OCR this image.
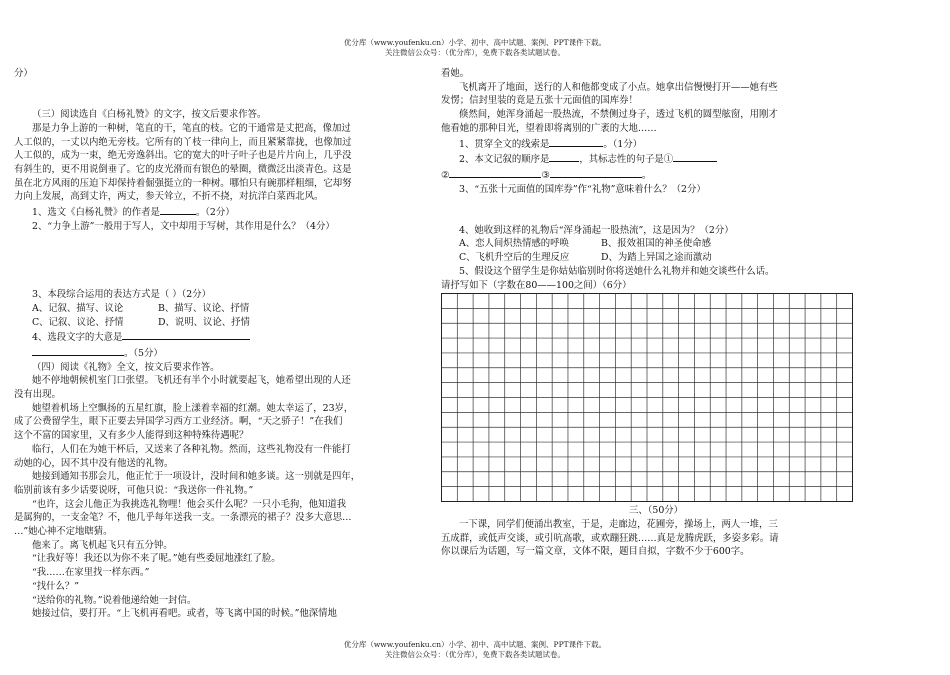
优分库（www.youfenku.cn）小学、初中、高中试题、案例、PPT课件下载。
关注微信公众号：（优分库），免费下载各类试题试卷。

分）

（三）阅读选自《白杨礼赞》的文字，按文后要求作答。

那是力争上游的一种树，笔直的干，笔直的枝。它的干通常是丈把高，像加过

人工似的，一丈以内绝无旁枝。它所有的丫枝一律向上，而且紧紧靠拢，也像加过

人工似的，成为一束，绝无旁逸斜出。它的宽大的叶子叶子也是片片向上，几乎没

有斜生的，更不用说倒垂了。它的皮光滑而有银色的晕圈，微微泛出淡青色。这是

虽在北方风雨的压迫下却保持着倔强挺立的一种树。哪怕只有碗那样粗细，它却努

力向上发展，高到丈许，两丈，参天耸立，不折不挠，对抗洋白菜西北风。

1、选文《白杨礼赞》的作者是	。（2分）

2、“力争上游”一般用于写人，文中却用于写树，其作用是什么？（4分）

3、本段综合运用的表达方式是（ ）（2分）

A、记叙、描写、议论	B、描写、议论、抒情

C、记叙、议论、抒情	D、说明、议论、抒情

4、选段文字的大意是

。（5分）

（四）阅读《礼物》全文，按文后要求作答。

她不停地朝候机室门口张望。飞机还有半个小时就要起飞，她希望出现的人还

没有出现。

她望着机场上空飘扬的五星红旗，脸上漾着幸福的红潮。她太幸运了，23岁，

成了公费留学生，眼下正要去异国学习西方工业经济。啊，“天之骄子！”在我们

这个不富的国家里，又有多少人能得到这种特殊待遇呢？

临行，人们在为她干杯后，又送来了各种礼物。然而，这些礼物没有一件能打

动她的心，因不其中没有他送的礼物。

她接到通知书那会儿，他正忙于一项设计，没时间和她多谈。这一别就是四年，

临别前该有多少话要说呀，可他只说：“我送你一件礼物。”

“也许，这会儿他正为我挑选礼物哩！他会买什么呢？一只小毛狗，他知道我

是属狗的，一支金笔？不，他几乎每年送我一支。一条漂亮的裙子？没多大意思…

…”她心神不定地瞎猜。

他来了。离飞机起飞只有五分钟。

“让我好等！我还以为你不来了呢。”她有些委屈地涨红了脸。

“我……在家里找一样东西。”

“找什么？”

“送给你的礼物。”说着他递给她一封信。

她接过信，要打开。“上飞机再看吧。或者，等飞离中国的时候。”他深情地

看她。

飞机离开了地面，送行的人和他都变成了小点。她拿出信慢慢打开——她有些

发愣；信封里装的竟是五张十元面值的国库券！

倏然间，她浑身涌起一股热流，不禁侧过身子，透过飞机的圆型舷窗，用刚才

他看她的那种目光，望着即将离别的广袤的大地……

1、贯穿全文的线索是	。（1分）

2、本文记叙的顺序是	，其标志性的句子是①

②	③	。

3、“五张十元面值的国库券”作“礼物”意味着什么？（2分）

4、她收到这样的礼物后“浑身涌起一股热流”，这是因为？（2分）

A、恋人间炽热情感的呼唤	B、报效祖国的神圣使命感

C、飞机升空后的生理反应	D、为踏上异国之途而激动

5、假设这个留学生是你姑姑临别时你将送她什么礼物并和她交谈些什么话。

请抒写如下（字数在80——100之间）（6分）

三、（50分）

一下课，同学们便涌出教室，于是，走廊边，花圃旁，操场上，两人一堆，三

五成群，或低声交谈，或引吭高歌，或欢蹦狂跳……真是龙腾虎跃，多姿多彩。请

你以课后为话题，写一篇文章，文体不限，题目自拟，字数不少于600字。

优分库（www.youfenku.cn）小学、初中、高中试题、案例、PPT课件下载。
关注微信公众号：（优分库），免费下载各类试题试卷。
